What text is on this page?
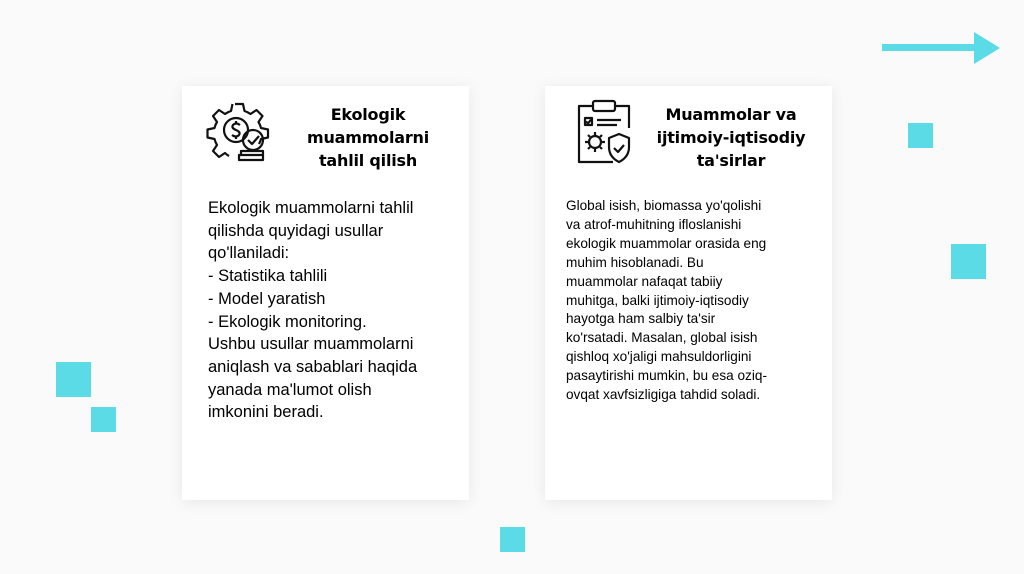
Ekologik
muammolarni
tahlil qilish
Ekologik muammolarni tahlil
qilishda quyidagi usullar
qo'llaniladi:
- Statistika tahlili
- Model yaratish
- Ekologik monitoring.
Ushbu usullar muammolarni
aniqlash va sabablari haqida
yanada ma'lumot olish
imkonini beradi.
Muammolar va
ijtimoiy-iqtisodiy
ta'sirlar
Global isish, biomassa yo'qolishi
va atrof-muhitning ifloslanishi
ekologik muammolar orasida eng
muhim hisoblanadi. Bu
muammolar nafaqat tabiiy
muhitga, balki ijtimoiy-iqtisodiy
hayotga ham salbiy ta'sir
ko'rsatadi. Masalan, global isish
qishloq xo'jaligi mahsuldorligini
pasaytirishi mumkin, bu esa oziq-
ovqat xavfsizligiga tahdid soladi.
